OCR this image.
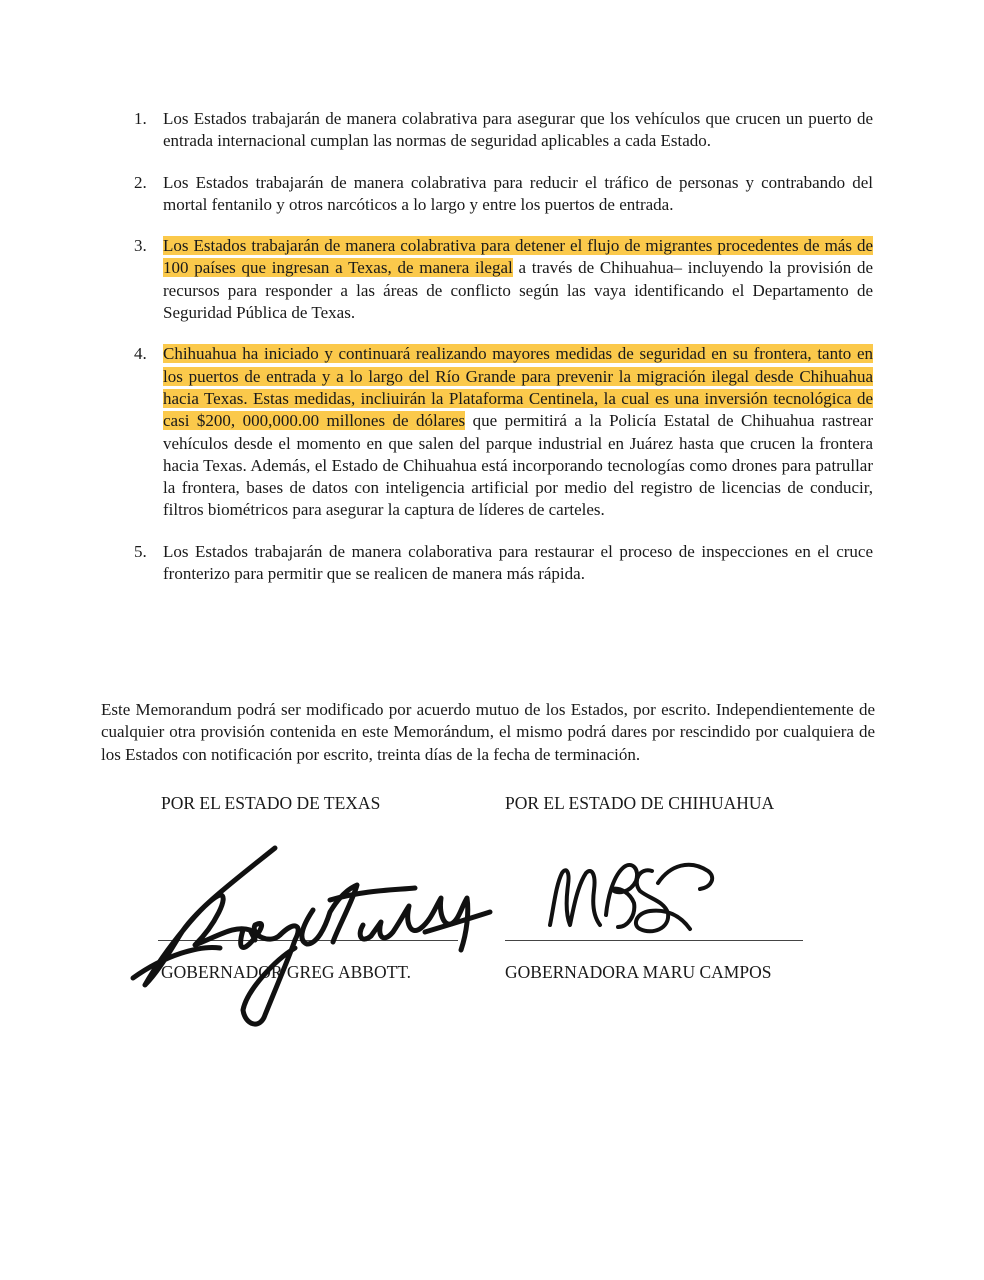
1. Los Estados trabajarán de manera colabrativa para asegurar que los vehículos que crucen un puerto de entrada internacional cumplan las normas de seguridad aplicables a cada Estado.
2. Los Estados trabajarán de manera colabrativa para reducir el tráfico de personas y contrabando del mortal fentanilo y otros narcóticos a lo largo y entre los puertos de entrada.
3. Los Estados trabajarán de manera colabrativa para detener el flujo de migrantes procedentes de más de 100 países que ingresan a Texas, de manera ilegal a través de Chihuahua– incluyendo la provisión de recursos para responder a las áreas de conflicto según las vaya identificando el Departamento de Seguridad Pública de Texas.
4. Chihuahua ha iniciado y continuará realizando mayores medidas de seguridad en su frontera, tanto en los puertos de entrada y a lo largo del Río Grande para prevenir la migración ilegal desde Chihuahua hacia Texas. Estas medidas, incliuirán la Plataforma Centinela, la cual es una inversión tecnológica de casi $200, 000,000.00 millones de dólares que permitirá a la Policía Estatal de Chihuahua rastrear vehículos desde el momento en que salen del parque industrial en Juárez hasta que crucen la frontera hacia Texas. Además, el Estado de Chihuahua está incorporando tecnologías como drones para patrullar la frontera, bases de datos con inteligencia artificial por medio del registro de licencias de conducir, filtros biométricos para asegurar la captura de líderes de carteles.
5. Los Estados trabajarán de manera colaborativa para restaurar el proceso de inspecciones en el cruce fronterizo para permitir que se realicen de manera más rápida.

Este Memorandum podrá ser modificado por acuerdo mutuo de los Estados, por escrito. Independientemente de cualquier otra provisión contenida en este Memorándum, el mismo podrá dares por rescindido por cualquiera de los Estados con notificación por escrito, treinta días de la fecha de terminación.

POR EL ESTADO DE TEXAS	POR EL ESTADO DE CHIHUAHUA
GOBERNADOR GREG ABBOTT.	GOBERNADORA MARU CAMPOS
